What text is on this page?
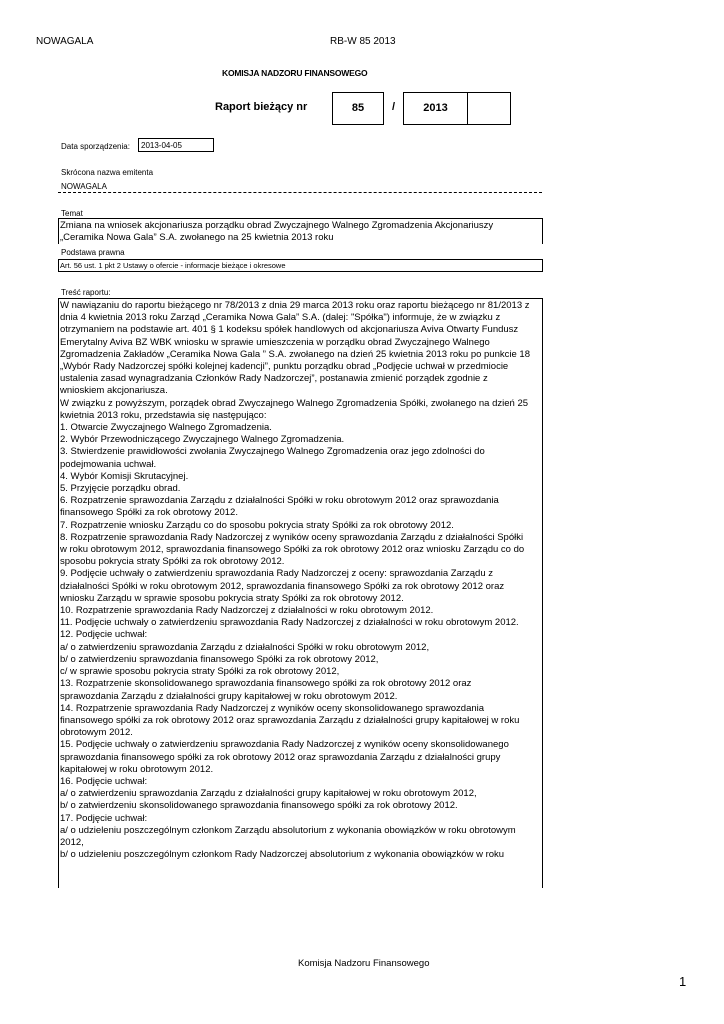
NOWAGALA	RB-W 85 2013
KOMISJA NADZORU FINANSOWEGO
Raport bieżący nr	85	/	2013
Data sporządzenia:	2013-04-05
Skrócona nazwa emitenta
NOWAGALA
Temat
Zmiana na wniosek akcjonariusza porządku obrad Zwyczajnego Walnego Zgromadzenia Akcjonariuszy
„Ceramika Nowa Gala” S.A. zwołanego na 25 kwietnia 2013 roku
Podstawa prawna
Art. 56 ust. 1 pkt 2 Ustawy o ofercie - informacje bieżące i okresowe
Treść raportu:
W nawiązaniu do raportu bieżącego nr 78/2013 z dnia 29 marca 2013 roku oraz raportu bieżącego nr 81/2013 z
dnia 4 kwietnia 2013 roku Zarząd „Ceramika Nowa Gala” S.A. (dalej: "Spółka") informuje, że w związku z
otrzymaniem na podstawie art. 401 § 1 kodeksu spółek handlowych od akcjonariusza Aviva Otwarty Fundusz
Emerytalny Aviva BZ WBK wniosku w sprawie umieszczenia w porządku obrad Zwyczajnego Walnego
Zgromadzenia Zakładów „Ceramika Nowa Gala ” S.A. zwołanego na dzień 25 kwietnia 2013 roku po punkcie 18
„Wybór Rady Nadzorczej spółki kolejnej kadencji”, punktu porządku obrad „Podjęcie uchwał w przedmiocie
ustalenia zasad wynagradzania Członków Rady Nadzorczej”, postanawia zmienić porządek zgodnie z
wnioskiem akcjonariusza.
W związku z powyższym, porządek obrad Zwyczajnego Walnego Zgromadzenia Spółki, zwołanego na dzień 25
kwietnia 2013 roku, przedstawia się następująco:
1. Otwarcie Zwyczajnego Walnego Zgromadzenia.
2. Wybór Przewodniczącego Zwyczajnego Walnego Zgromadzenia.
3. Stwierdzenie prawidłowości zwołania Zwyczajnego Walnego Zgromadzenia oraz jego zdolności do
podejmowania uchwał.
4. Wybór Komisji Skrutacyjnej.
5. Przyjęcie porządku obrad.
6. Rozpatrzenie sprawozdania Zarządu z działalności Spółki w roku obrotowym 2012 oraz sprawozdania
finansowego Spółki za rok obrotowy 2012.
7. Rozpatrzenie wniosku Zarządu co do sposobu pokrycia straty Spółki za rok obrotowy 2012.
8. Rozpatrzenie sprawozdania Rady Nadzorczej z wyników oceny sprawozdania Zarządu z działalności Spółki
w roku obrotowym 2012, sprawozdania finansowego Spółki za rok obrotowy 2012 oraz wniosku Zarządu co do
sposobu pokrycia straty Spółki za rok obrotowy 2012.
9. Podjęcie uchwały o zatwierdzeniu sprawozdania Rady Nadzorczej z oceny: sprawozdania Zarządu z
działalności Spółki w roku obrotowym 2012, sprawozdania finansowego Spółki za rok obrotowy 2012 oraz
wniosku Zarządu w sprawie sposobu pokrycia straty Spółki za rok obrotowy 2012.
10. Rozpatrzenie sprawozdania Rady Nadzorczej z działalności w roku obrotowym 2012.
11. Podjęcie uchwały o zatwierdzeniu sprawozdania Rady Nadzorczej z działalności w roku obrotowym 2012.
12. Podjęcie uchwał:
a/ o zatwierdzeniu sprawozdania Zarządu z działalności Spółki w roku obrotowym 2012,
b/ o zatwierdzeniu sprawozdania finansowego Spółki za rok obrotowy 2012,
c/ w sprawie sposobu pokrycia straty Spółki za rok obrotowy 2012,
13. Rozpatrzenie skonsolidowanego sprawozdania finansowego spółki za rok obrotowy 2012 oraz
sprawozdania Zarządu z działalności grupy kapitałowej w roku obrotowym 2012.
14. Rozpatrzenie sprawozdania Rady Nadzorczej z wyników oceny skonsolidowanego sprawozdania
finansowego spółki za rok obrotowy 2012 oraz sprawozdania Zarządu z działalności grupy kapitałowej w roku
obrotowym 2012.
15. Podjęcie uchwały o zatwierdzeniu sprawozdania Rady Nadzorczej z wyników oceny skonsolidowanego
sprawozdania finansowego spółki za rok obrotowy 2012 oraz sprawozdania Zarządu z działalności grupy
kapitałowej w roku obrotowym 2012.
16. Podjęcie uchwał:
a/ o zatwierdzeniu sprawozdania Zarządu z działalności grupy kapitałowej w roku obrotowym 2012,
b/ o zatwierdzeniu skonsolidowanego sprawozdania finansowego spółki za rok obrotowy 2012.
17. Podjęcie uchwał:
a/ o udzieleniu poszczególnym członkom Zarządu absolutorium z wykonania obowiązków w roku obrotowym
2012,
b/ o udzieleniu poszczególnym członkom Rady Nadzorczej absolutorium z wykonania obowiązków w roku
Komisja Nadzoru Finansowego
1
